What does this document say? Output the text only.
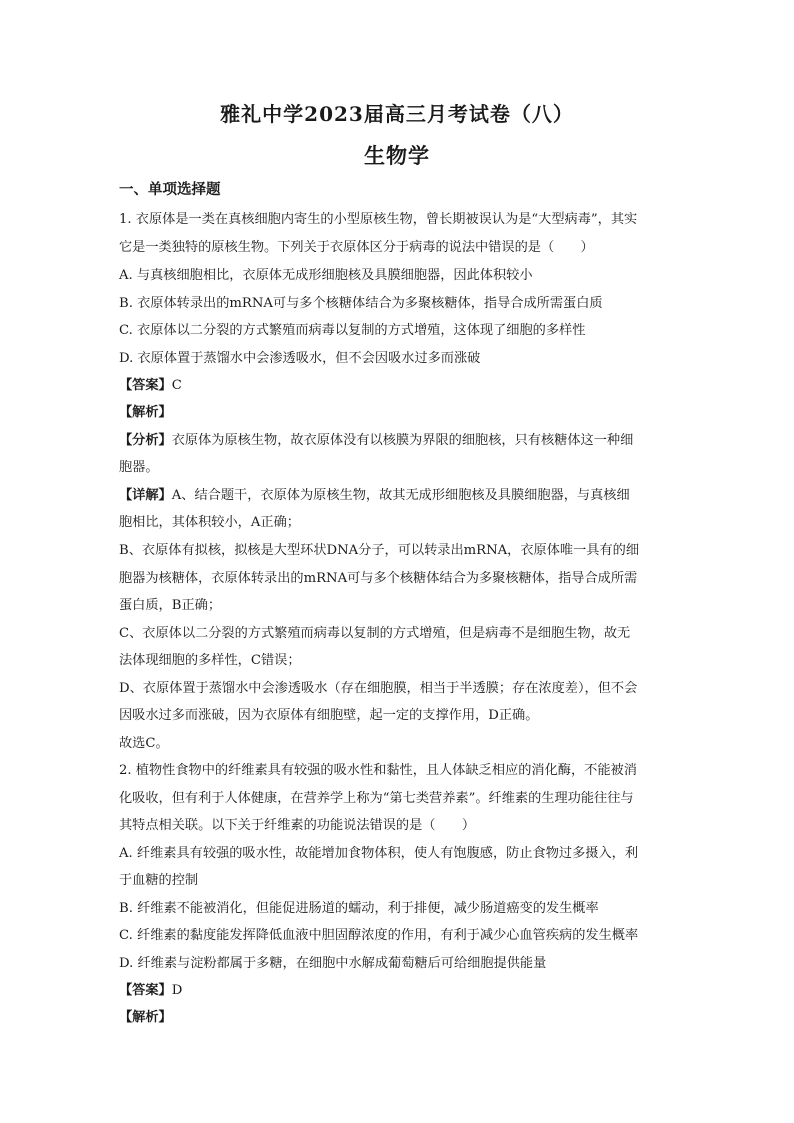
雅礼中学2023届高三月考试卷（八）
生物学
一、单项选择题
1. 衣原体是一类在真核细胞内寄生的小型原核生物，曾长期被误认为是“大型病毒”，其实
它是一类独特的原核生物。下列关于衣原体区分于病毒的说法中错误的是（　　）
A. 与真核细胞相比，衣原体无成形细胞核及具膜细胞器，因此体积较小
B. 衣原体转录出的mRNA可与多个核糖体结合为多聚核糖体，指导合成所需蛋白质
C. 衣原体以二分裂的方式繁殖而病毒以复制的方式增殖，这体现了细胞的多样性
D. 衣原体置于蒸馏水中会渗透吸水，但不会因吸水过多而涨破
【答案】C
【解析】
【分析】衣原体为原核生物，故衣原体没有以核膜为界限的细胞核，只有核糖体这一种细
胞器。
【详解】A、结合题干，衣原体为原核生物，故其无成形细胞核及具膜细胞器，与真核细
胞相比，其体积较小，A正确；
B、衣原体有拟核，拟核是大型环状DNA分子，可以转录出mRNA，衣原体唯一具有的细
胞器为核糖体，衣原体转录出的mRNA可与多个核糖体结合为多聚核糖体，指导合成所需
蛋白质，B正确；
C、衣原体以二分裂的方式繁殖而病毒以复制的方式增殖，但是病毒不是细胞生物，故无
法体现细胞的多样性，C错误；
D、衣原体置于蒸馏水中会渗透吸水（存在细胞膜，相当于半透膜；存在浓度差），但不会
因吸水过多而涨破，因为衣原体有细胞壁，起一定的支撑作用，D正确。
故选C。
2. 植物性食物中的纤维素具有较强的吸水性和黏性，且人体缺乏相应的消化酶，不能被消
化吸收，但有利于人体健康，在营养学上称为“第七类营养素”。纤维素的生理功能往往与
其特点相关联。以下关于纤维素的功能说法错误的是（　　）
A. 纤维素具有较强的吸水性，故能增加食物体积，使人有饱腹感，防止食物过多摄入，利
于血糖的控制
B. 纤维素不能被消化，但能促进肠道的蠕动，利于排便，减少肠道癌变的发生概率
C. 纤维素的黏度能发挥降低血液中胆固醇浓度的作用，有利于减少心血管疾病的发生概率
D. 纤维素与淀粉都属于多糖，在细胞中水解成葡萄糖后可给细胞提供能量
【答案】D
【解析】
